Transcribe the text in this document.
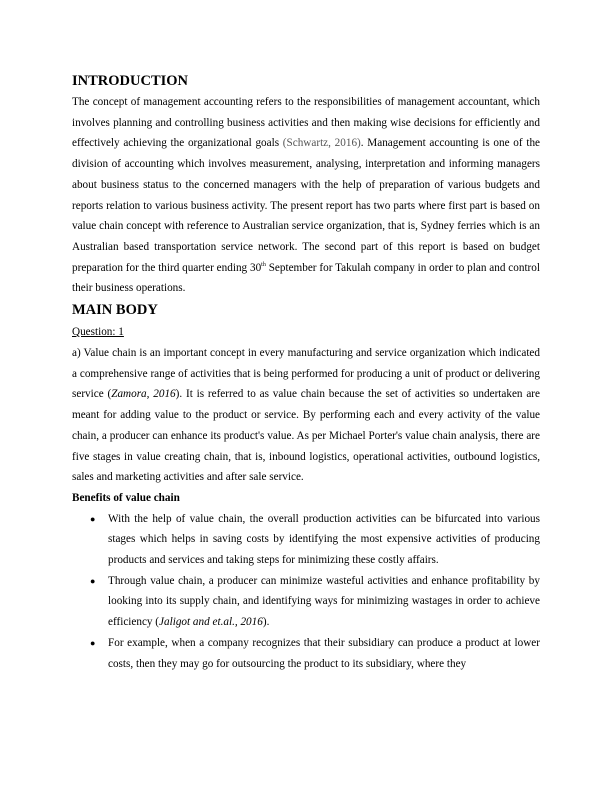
INTRODUCTION

The concept of management accounting refers to the responsibilities of management accountant, which involves planning and controlling business activities and then making wise decisions for efficiently and effectively achieving the organizational goals (Schwartz, 2016). Management accounting is one of the division of accounting which involves measurement, analysing, interpretation and informing managers about business status to the concerned managers with the help of preparation of various budgets and reports relation to various business activity. The present report has two parts where first part is based on value chain concept with reference to Australian service organization, that is, Sydney ferries which is an Australian based transportation service network. The second part of this report is based on budget preparation for the third quarter ending 30th September for Takulah company in order to plan and control their business operations.

MAIN BODY

Question: 1

a) Value chain is an important concept in every manufacturing and service organization which indicated a comprehensive range of activities that is being performed for producing a unit of product or delivering service (Zamora, 2016). It is referred to as value chain because the set of activities so undertaken are meant for adding value to the product or service. By performing each and every activity of the value chain, a producer can enhance its product's value. As per Michael Porter's value chain analysis, there are five stages in value creating chain, that is, inbound logistics, operational activities, outbound logistics, sales and marketing activities and after sale service.

Benefits of value chain

● With the help of value chain, the overall production activities can be bifurcated into various stages which helps in saving costs by identifying the most expensive activities of producing products and services and taking steps for minimizing these costly affairs.
● Through value chain, a producer can minimize wasteful activities and enhance profitability by looking into its supply chain, and identifying ways for minimizing wastages in order to achieve efficiency (Jaligot and et.al., 2016).
● For example, when a company recognizes that their subsidiary can produce a product at lower costs, then they may go for outsourcing the product to its subsidiary, where they
